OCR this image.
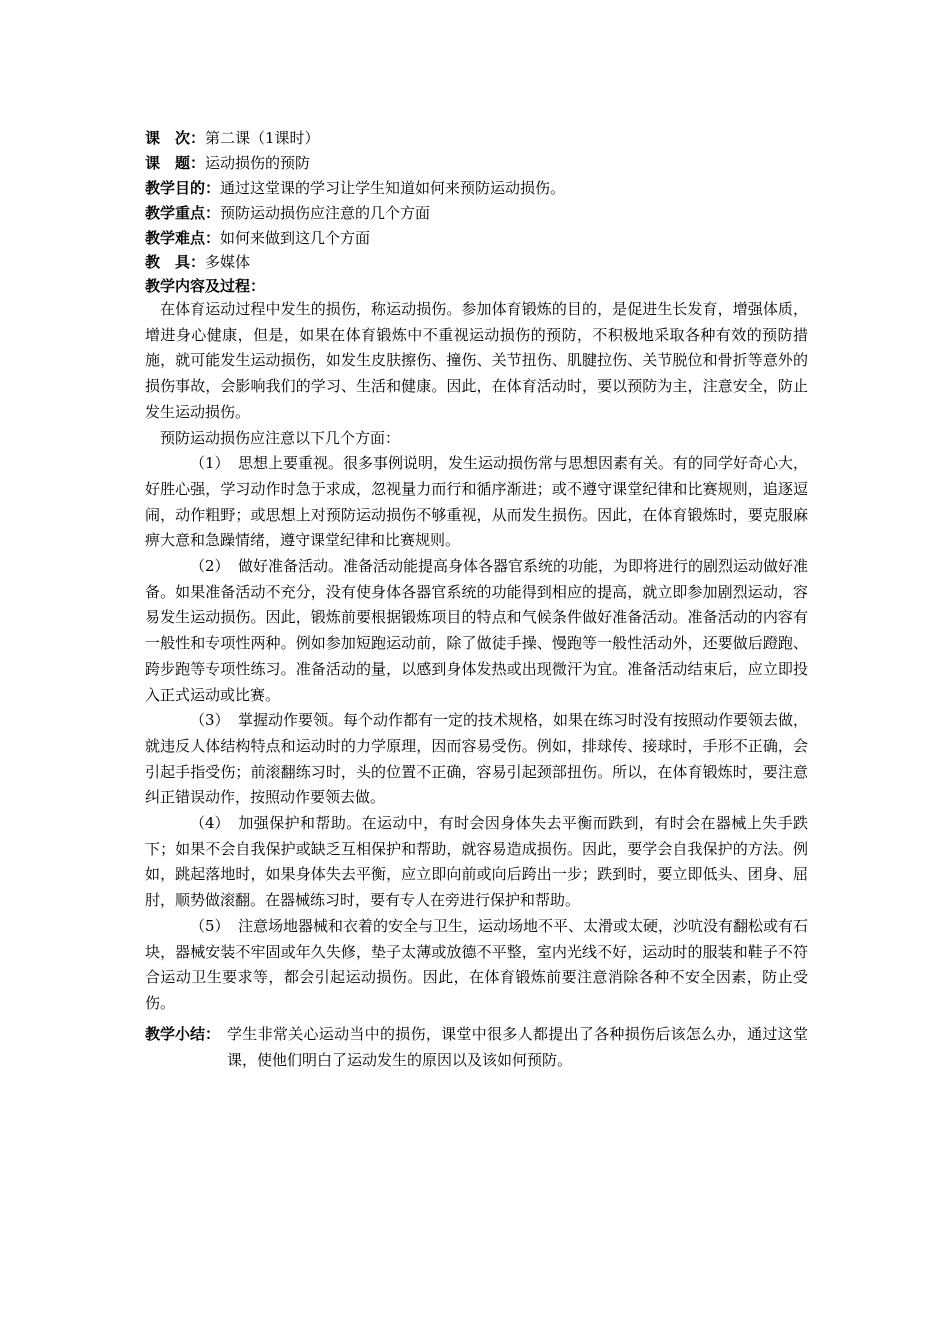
课　次：第二课（1课时）
课　题：运动损伤的预防
教学目的：通过这堂课的学习让学生知道如何来预防运动损伤。
教学重点：预防运动损伤应注意的几个方面
教学难点：如何来做到这几个方面
教　具：多媒体
教学内容及过程：

在体育运动过程中发生的损伤，称运动损伤。参加体育锻炼的目的，是促进生长发育，增强体质，增进身心健康，但是，如果在体育锻炼中不重视运动损伤的预防，不积极地采取各种有效的预防措施，就可能发生运动损伤，如发生皮肤擦伤、撞伤、关节扭伤、肌腱拉伤、关节脱位和骨折等意外的损伤事故，会影响我们的学习、生活和健康。因此，在体育活动时，要以预防为主，注意安全，防止发生运动损伤。

预防运动损伤应注意以下几个方面：

（1） 思想上要重视。很多事例说明，发生运动损伤常与思想因素有关。有的同学好奇心大，好胜心强，学习动作时急于求成，忽视量力而行和循序渐进；或不遵守课堂纪律和比赛规则，追逐逗闹，动作粗野；或思想上对预防运动损伤不够重视，从而发生损伤。因此，在体育锻炼时，要克服麻痹大意和急躁情绪，遵守课堂纪律和比赛规则。

（2） 做好准备活动。准备活动能提高身体各器官系统的功能，为即将进行的剧烈运动做好准备。如果准备活动不充分，没有使身体各器官系统的功能得到相应的提高，就立即参加剧烈运动，容易发生运动损伤。因此，锻炼前要根据锻炼项目的特点和气候条件做好准备活动。准备活动的内容有一般性和专项性两种。例如参加短跑运动前，除了做徒手操、慢跑等一般性活动外，还要做后蹬跑、跨步跑等专项性练习。准备活动的量，以感到身体发热或出现微汗为宜。准备活动结束后，应立即投入正式运动或比赛。

（3） 掌握动作要领。每个动作都有一定的技术规格，如果在练习时没有按照动作要领去做，就违反人体结构特点和运动时的力学原理，因而容易受伤。例如，排球传、接球时，手形不正确，会引起手指受伤；前滚翻练习时，头的位置不正确，容易引起颈部扭伤。所以，在体育锻炼时，要注意纠正错误动作，按照动作要领去做。

（4） 加强保护和帮助。在运动中，有时会因身体失去平衡而跌到，有时会在器械上失手跌下；如果不会自我保护或缺乏互相保护和帮助，就容易造成损伤。因此，要学会自我保护的方法。例如，跳起落地时，如果身体失去平衡，应立即向前或向后跨出一步；跌到时，要立即低头、团身、屈肘，顺势做滚翻。在器械练习时，要有专人在旁进行保护和帮助。

（5） 注意场地器械和衣着的安全与卫生，运动场地不平、太滑或太硬，沙吭没有翻松或有石块，器械安装不牢固或年久失修，垫子太薄或放德不平整，室内光线不好，运动时的服装和鞋子不符合运动卫生要求等，都会引起运动损伤。因此，在体育锻炼前要注意消除各种不安全因素，防止受伤。

教学小结： 学生非常关心运动当中的损伤，课堂中很多人都提出了各种损伤后该怎么办，通过这堂课，使他们明白了运动发生的原因以及该如何预防。
